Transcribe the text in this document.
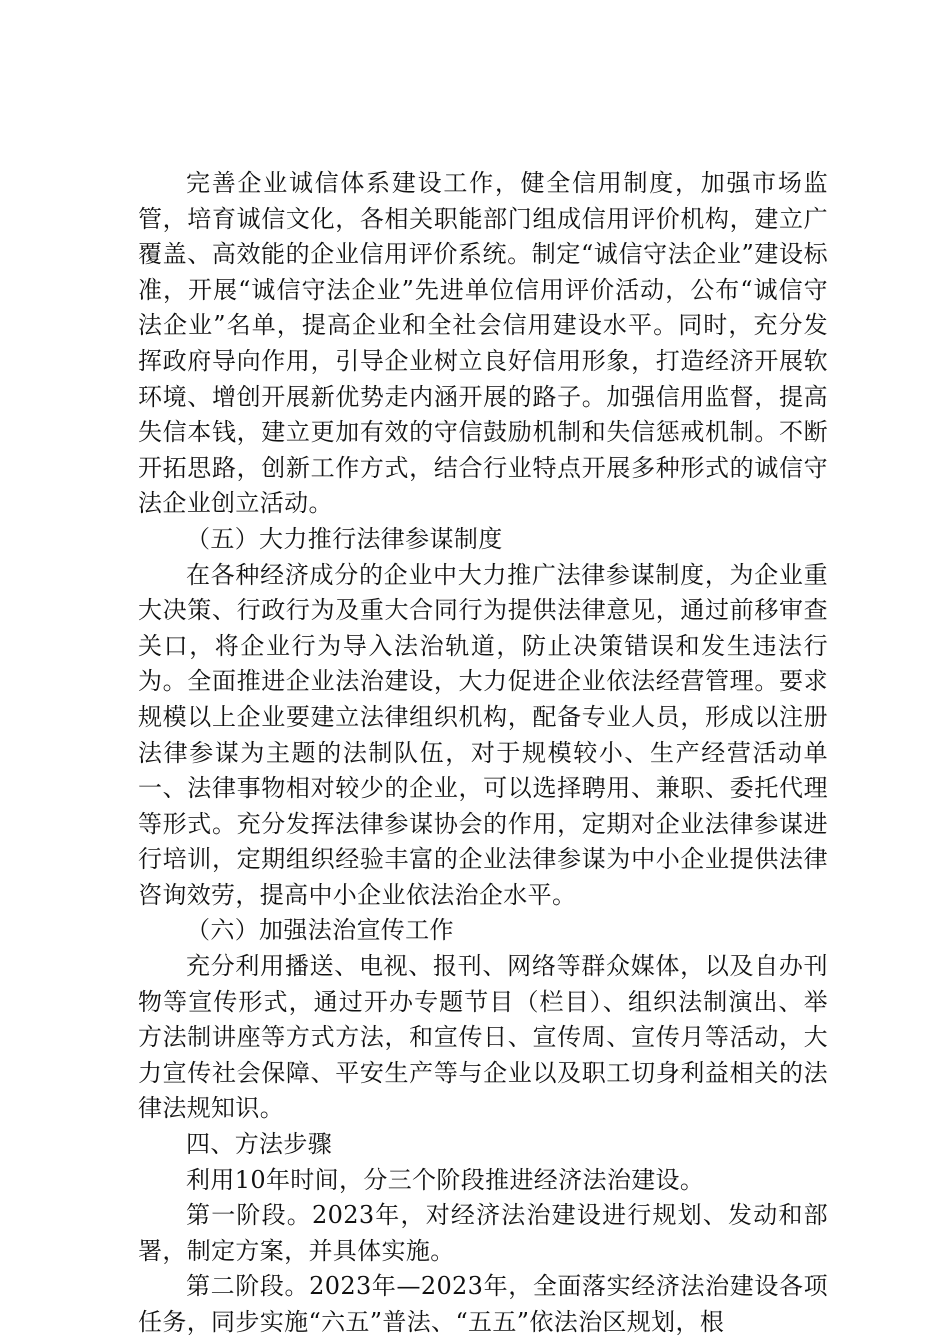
完善企业诚信体系建设工作，健全信用制度，加强市场监管，培育诚信文化，各相关职能部门组成信用评价机构，建立广覆盖、高效能的企业信用评价系统。制定“诚信守法企业”建设标准，开展“诚信守法企业”先进单位信用评价活动，公布“诚信守法企业”名单，提高企业和全社会信用建设水平。同时，充分发挥政府导向作用，引导企业树立良好信用形象，打造经济开展软环境、增创开展新优势走内涵开展的路子。加强信用监督，提高失信本钱，建立更加有效的守信鼓励机制和失信惩戒机制。不断开拓思路，创新工作方式，结合行业特点开展多种形式的诚信守法企业创立活动。

（五）大力推行法律参谋制度

在各种经济成分的企业中大力推广法律参谋制度，为企业重大决策、行政行为及重大合同行为提供法律意见，通过前移审查关口，将企业行为导入法治轨道，防止决策错误和发生违法行为。全面推进企业法治建设，大力促进企业依法经营管理。要求规模以上企业要建立法律组织机构，配备专业人员，形成以注册法律参谋为主题的法制队伍，对于规模较小、生产经营活动单一、法律事物相对较少的企业，可以选择聘用、兼职、委托代理等形式。充分发挥法律参谋协会的作用，定期对企业法律参谋进行培训，定期组织经验丰富的企业法律参谋为中小企业提供法律咨询效劳，提高中小企业依法治企水平。

（六）加强法治宣传工作

充分利用播送、电视、报刊、网络等群众媒体，以及自办刊物等宣传形式，通过开办专题节目（栏目）、组织法制演出、举方法制讲座等方式方法，和宣传日、宣传周、宣传月等活动，大力宣传社会保障、平安生产等与企业以及职工切身利益相关的法律法规知识。

四、方法步骤

利用10年时间，分三个阶段推进经济法治建设。

第一阶段。2023年，对经济法治建设进行规划、发动和部署，制定方案，并具体实施。

第二阶段。2023年—2023年，全面落实经济法治建设各项任务，同步实施“六五”普法、“五五”依法治区规划，根
